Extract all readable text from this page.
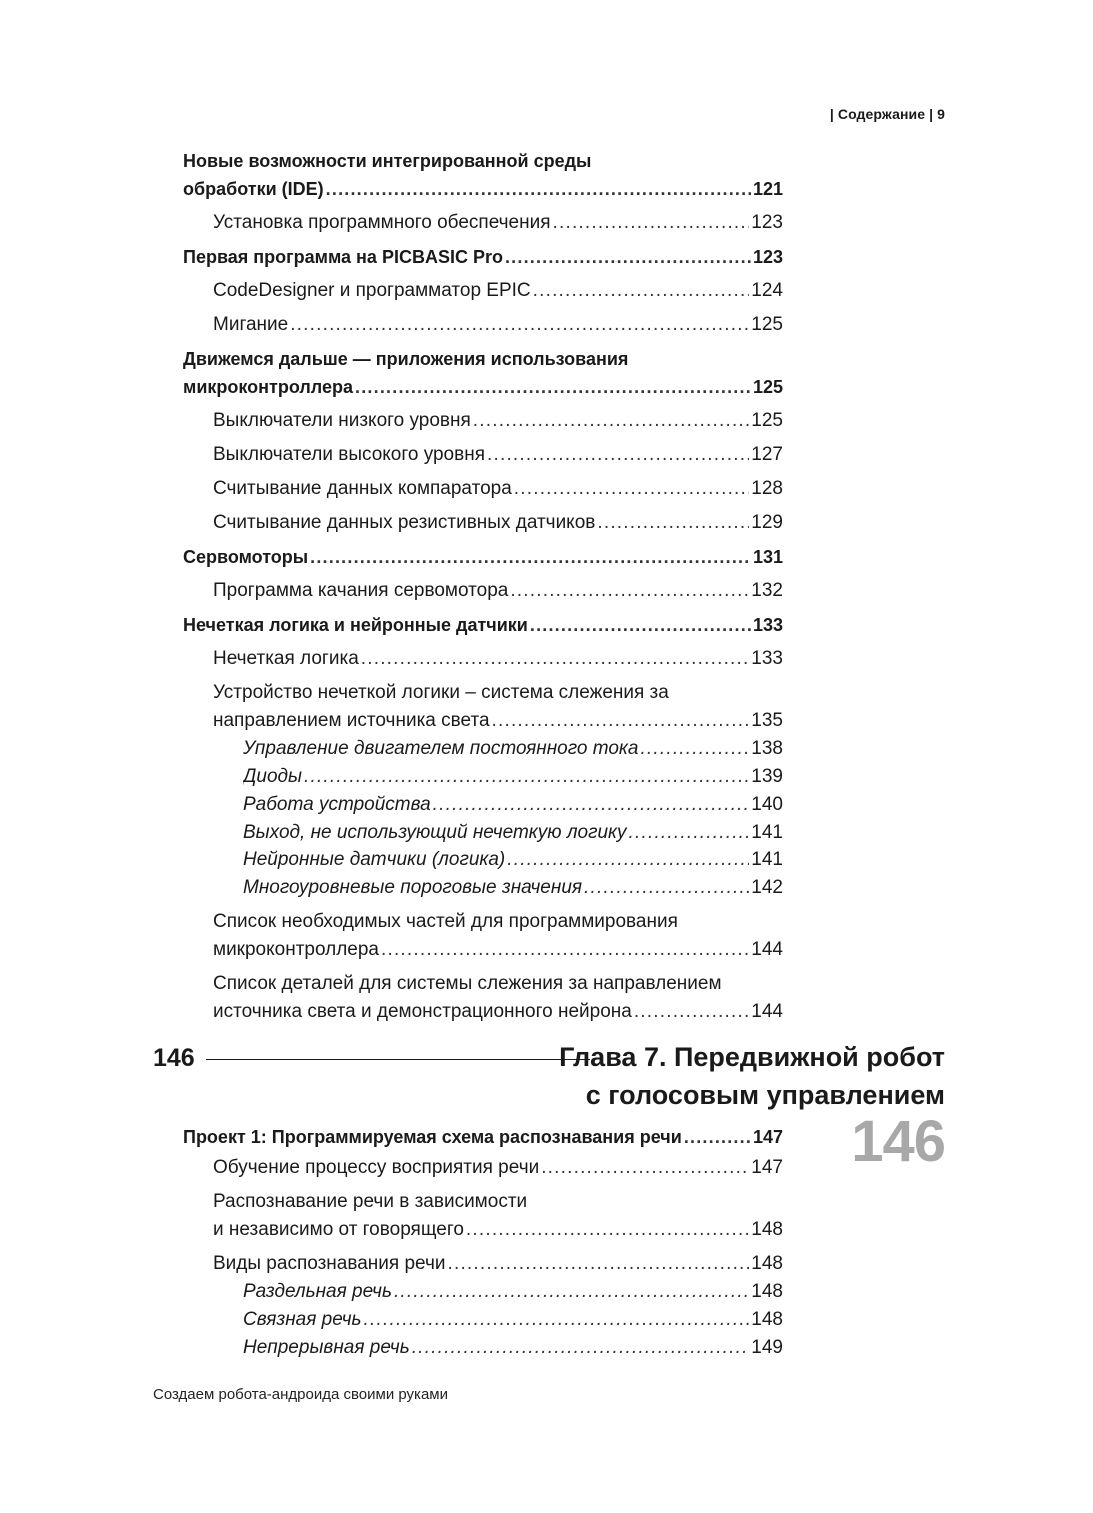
| Содержание | 9
Новые возможности интегрированной среды
обработки (IDE) .....	121
Установка программного обеспечения .....	123
Первая программа на PICBASIC Pro .....	123
CodeDesigner и программатор EPIC .....	124
Мигание .....	125
Движемся дальше — приложения использования
микроконтроллера .....	125
Выключатели низкого уровня .....	125
Выключатели высокого уровня .....	127
Считывание данных компаратора .....	128
Считывание данных резистивных датчиков .....	129
Сервомоторы .....	131
Программа качания сервомотора .....	132
Нечеткая логика и нейронные датчики .....	133
Нечеткая логика .....	133
Устройство нечеткой логики – система слежения за
направлением источника света .....	135
Управление двигателем постоянного тока .....	138
Диоды .....	139
Работа устройства .....	140
Выход, не использующий нечеткую логику .....	141
Нейронные датчики (логика) .....	141
Многоуровневые пороговые значения .....	142
Список необходимых частей для программирования
микроконтроллера .....	144
Список деталей для системы слежения за направлением
источника света и демонстрационного нейрона .....	144
146	Глава 7. Передвижной робот
с голосовым управлением
146
Проект 1: Программируемая схема распознавания речи .....	147
Обучение процессу восприятия речи .....	147
Распознавание речи в зависимости
и независимо от говорящего .....	148
Виды распознавания речи .....	148
Раздельная речь .....	148
Связная речь .....	148
Непрерывная речь .....	149
Создаем робота-андроида своими руками
